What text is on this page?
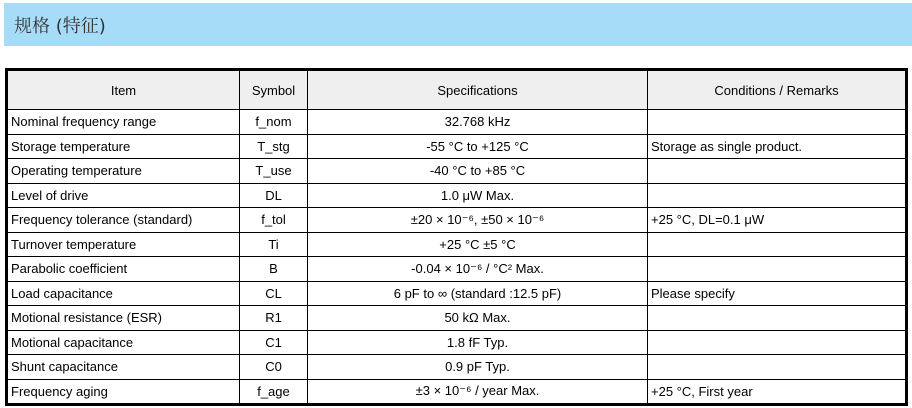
规格 (特征)
Item	Symbol	Specifications	Conditions / Remarks
Nominal frequency range	f_nom	32.768 kHz	
Storage temperature	T_stg	-55 °C to +125 °C	Storage as single product.
Operating temperature	T_use	-40 °C to +85 °C	
Level of drive	DL	1.0 μW Max.	
Frequency tolerance (standard)	f_tol	±20 × 10⁻⁶, ±50 × 10⁻⁶	+25 °C, DL=0.1 μW
Turnover temperature	Ti	+25 °C ±5 °C	
Parabolic coefficient	B	-0.04 × 10⁻⁶ / °C² Max.	
Load capacitance	CL	6 pF to ∞ (standard :12.5 pF)	Please specify
Motional resistance (ESR)	R1	50 kΩ Max.	
Motional capacitance	C1	1.8 fF Typ.	
Shunt capacitance	C0	0.9 pF Typ.	
Frequency aging	f_age	±3 × 10⁻⁶ / year Max.	+25 °C, First year
